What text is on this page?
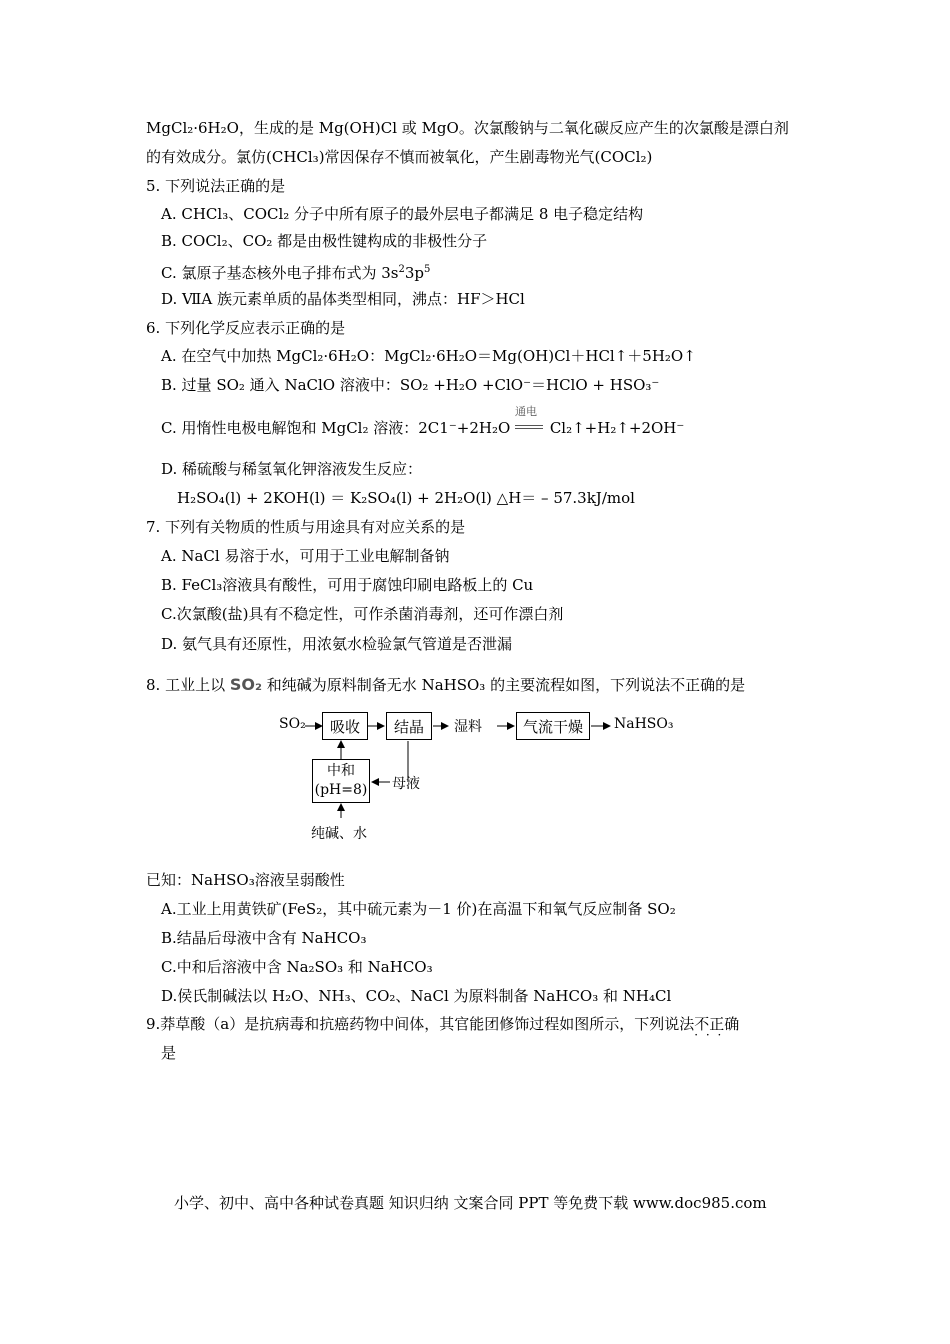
MgCl₂·6H₂O，生成的是 Mg(OH)Cl 或 MgO。次氯酸钠与二氧化碳反应产生的次氯酸是漂白剂
的有效成分。氯仿(CHCl₃)常因保存不慎而被氧化，产生剧毒物光气(COCl₂)
5. 下列说法正确的是
A. CHCl₃、COCl₂ 分子中所有原子的最外层电子都满足 8 电子稳定结构
B. COCl₂、CO₂ 都是由极性键构成的非极性分子
C. 氯原子基态核外电子排布式为 $3s^23p^5$
D. ⅦA 族元素单质的晶体类型相同，沸点：HF＞HCl
6. 下列化学反应表示正确的是
A. 在空气中加热 MgCl₂·6H₂O：MgCl₂·6H₂O＝Mg(OH)Cl＋HCl↑＋5H₂O↑
B. 过量 SO₂ 通入 NaClO 溶液中：SO₂ +H₂O +ClO⁻＝HClO + HSO₃⁻
C. 用惰性电极电解饱和 MgCl₂ 溶液：2C1⁻+2H₂O
通电
Cl₂↑+H₂↑+2OH⁻
D. 稀硫酸与稀氢氧化钾溶液发生反应：
H₂SO₄(l) + 2KOH(l) ＝ K₂SO₄(l) + 2H₂O(l) △H＝ – 57.3kJ/mol
7. 下列有关物质的性质与用途具有对应关系的是
A. NaCl 易溶于水，可用于工业电解制备钠
B. FeCl₃溶液具有酸性，可用于腐蚀印刷电路板上的 Cu
C.次氯酸(盐)具有不稳定性，可作杀菌消毒剂，还可作漂白剂
D. 氨气具有还原性，用浓氨水检验氯气管道是否泄漏
8. 工业上以 SO₂ 和纯碱为原料制备无水 NaHSO₃ 的主要流程如图，下列说法不正确的是
SO₂	吸收	结晶	湿料	气流干燥	NaHSO₃
中和
(pH=8) 母液
纯碱、水
已知：NaHSO₃溶液呈弱酸性
A.工业上用黄铁矿(FeS₂，其中硫元素为－1 价)在高温下和氧气反应制备 SO₂
B.结晶后母液中含有 NaHCO₃
C.中和后溶液中含 Na₂SO₃ 和 NaHCO₃
D.侯氏制碱法以 H₂O、NH₃、CO₂、NaCl 为原料制备 NaHCO₃ 和 NH₄Cl
9.莽草酸（a）是抗病毒和抗癌药物中间体，其官能团修饰过程如图所示，下列说法不正确 · · ·
是
小学、初中、高中各种试卷真题 知识归纳 文案合同 PPT 等免费下载 www.doc985.com
